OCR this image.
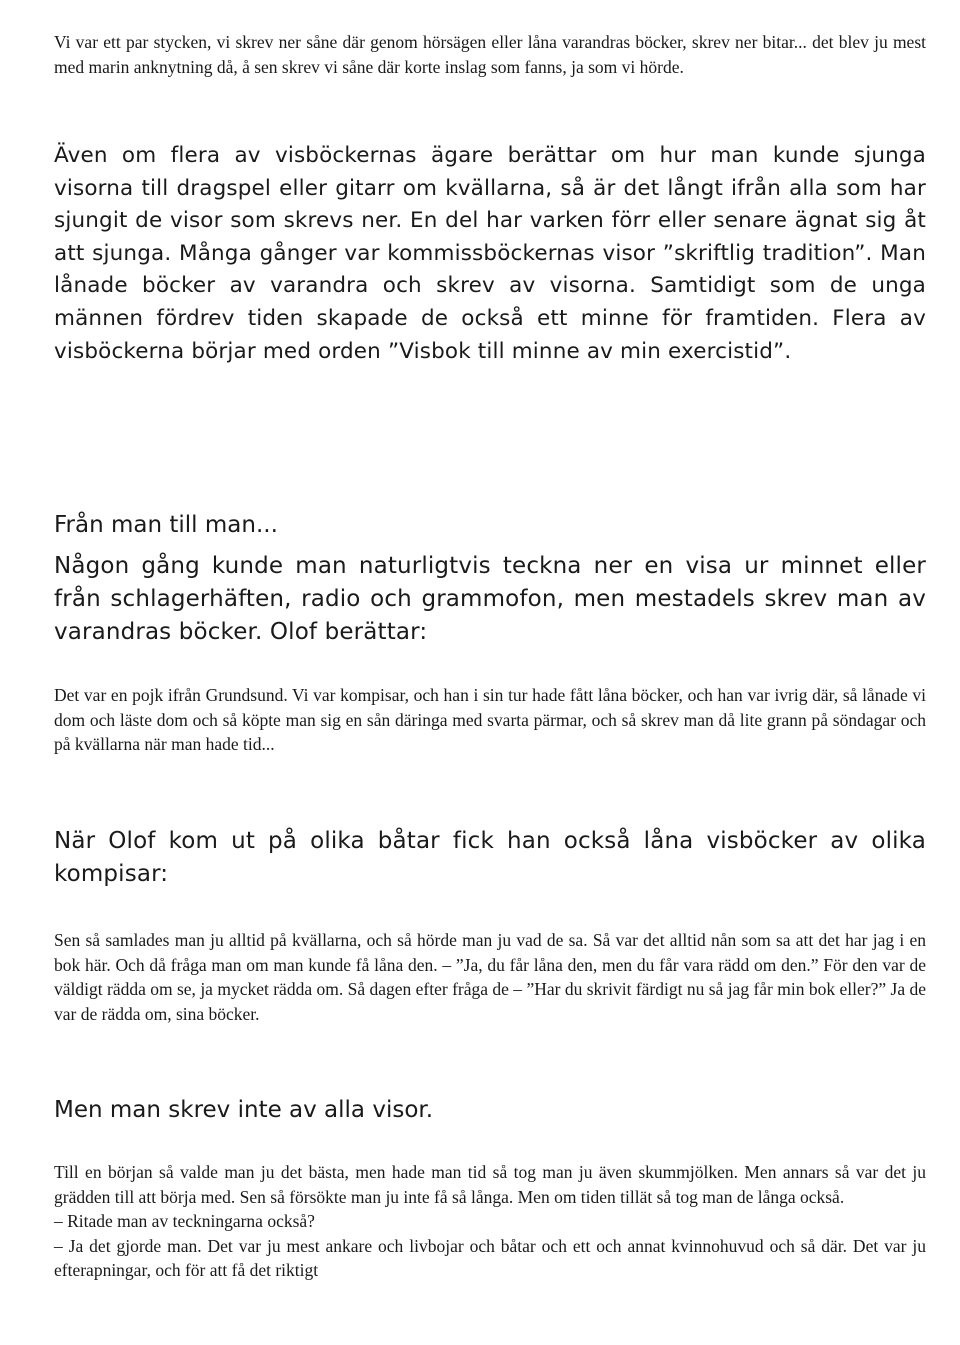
Vi var ett par stycken, vi skrev ner såne där genom hörsägen eller låna varandras böcker, skrev ner bitar... det blev ju mest med marin anknytning då, å sen skrev vi såne där korte inslag som fanns, ja som vi hörde.

Även om flera av visböckernas ägare berättar om hur man kunde sjunga visorna till dragspel eller gitarr om kvällarna, så är det långt ifrån alla som har sjungit de visor som skrevs ner. En del har varken förr eller senare ägnat sig åt att sjunga. Många gånger var kommissböckernas visor ”skriftlig tradition”. Man lånade böcker av varandra och skrev av visorna. Samtidigt som de unga männen fördrev tiden skapade de också ett minne för framtiden. Flera av visböckerna börjar med orden ”Visbok till minne av min exercistid”.

Från man till man...

Någon gång kunde man naturligtvis teckna ner en visa ur minnet eller från schlagerhäften, radio och grammofon, men mestadels skrev man av varandras böcker. Olof berättar:

Det var en pojk ifrån Grundsund. Vi var kompisar, och han i sin tur hade fått låna böcker, och han var ivrig där, så lånade vi dom och läste dom och så köpte man sig en sån däringa med svarta pärmar, och så skrev man då lite grann på söndagar och på kvällarna när man hade tid...

När Olof kom ut på olika båtar fick han också låna visböcker av olika kompisar:

Sen så samlades man ju alltid på kvällarna, och så hörde man ju vad de sa. Så var det alltid nån som sa att det har jag i en bok här. Och då fråga man om man kunde få låna den. – ”Ja, du får låna den, men du får vara rädd om den.” För den var de väldigt rädda om se, ja mycket rädda om. Så dagen efter fråga de – ”Har du skrivit färdigt nu så jag får min bok eller?” Ja de var de rädda om, sina böcker.

Men man skrev inte av alla visor.
Till en början så valde man ju det bästa, men hade man tid så tog man ju även skummjölken. Men annars så var det ju grädden till att börja med. Sen så försökte man ju inte få så långa. Men om tiden tillät så tog man de långa också.
– Ritade man av teckningarna också?
– Ja det gjorde man. Det var ju mest ankare och livbojar och båtar och ett och annat kvinnohuvud och så där. Det var ju efterapningar, och för att få det riktigt
